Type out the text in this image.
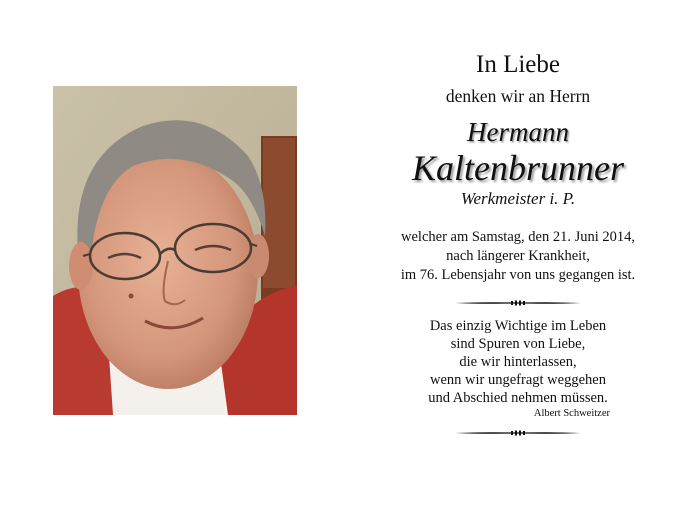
In Liebe
denken wir an Herrn
Hermann
Kaltenbrunner
Werkmeister i. P.
welcher am Samstag, den 21. Juni 2014,
nach längerer Krankheit,
im 76. Lebensjahr von uns gegangen ist.
Das einzig Wichtige im Leben
sind Spuren von Liebe,
die wir hinterlassen,
wenn wir ungefragt weggehen
und Abschied nehmen müssen.
Albert Schweitzer
